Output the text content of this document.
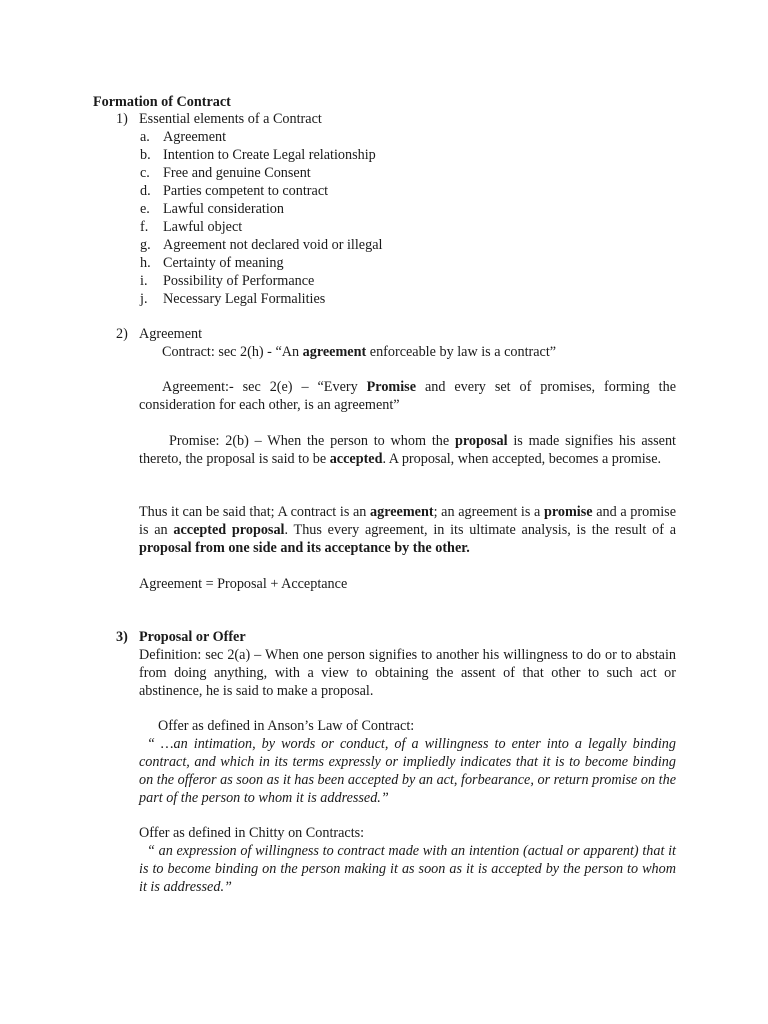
Formation of Contract
1) Essential elements of a Contract
a. Agreement
b. Intention to Create Legal relationship
c. Free and genuine Consent
d. Parties competent to contract
e. Lawful consideration
f. Lawful object
g. Agreement not declared void or illegal
h. Certainty of meaning
i. Possibility of Performance
j. Necessary Legal Formalities
2) Agreement
Contract: sec 2(h) - “An agreement enforceable by law is a contract”
Agreement:- sec 2(e) – “Every Promise and every set of promises, forming the consideration for each other, is an agreement”
Promise: 2(b) – When the person to whom the proposal is made signifies his assent thereto, the proposal is said to be accepted. A proposal, when accepted, becomes a promise.
Thus it can be said that; A contract is an agreement; an agreement is a promise and a promise is an accepted proposal. Thus every agreement, in its ultimate analysis, is the result of a proposal from one side and its acceptance by the other.
Agreement = Proposal + Acceptance
3) Proposal or Offer
Definition: sec 2(a) – When one person signifies to another his willingness to do or to abstain from doing anything, with a view to obtaining the assent of that other to such act or abstinence, he is said to make a proposal.
Offer as defined in Anson’s Law of Contract:
“ …an intimation, by words or conduct, of a willingness to enter into a legally binding contract, and which in its terms expressly or impliedly indicates that it is to become binding on the offeror as soon as it has been accepted by an act, forbearance, or return promise on the part of the person to whom it is addressed.”
Offer as defined in Chitty on Contracts:
“ an expression of willingness to contract made with an intention (actual or apparent) that it is to become binding on the person making it as soon as it is accepted by the person to whom it is addressed.”
